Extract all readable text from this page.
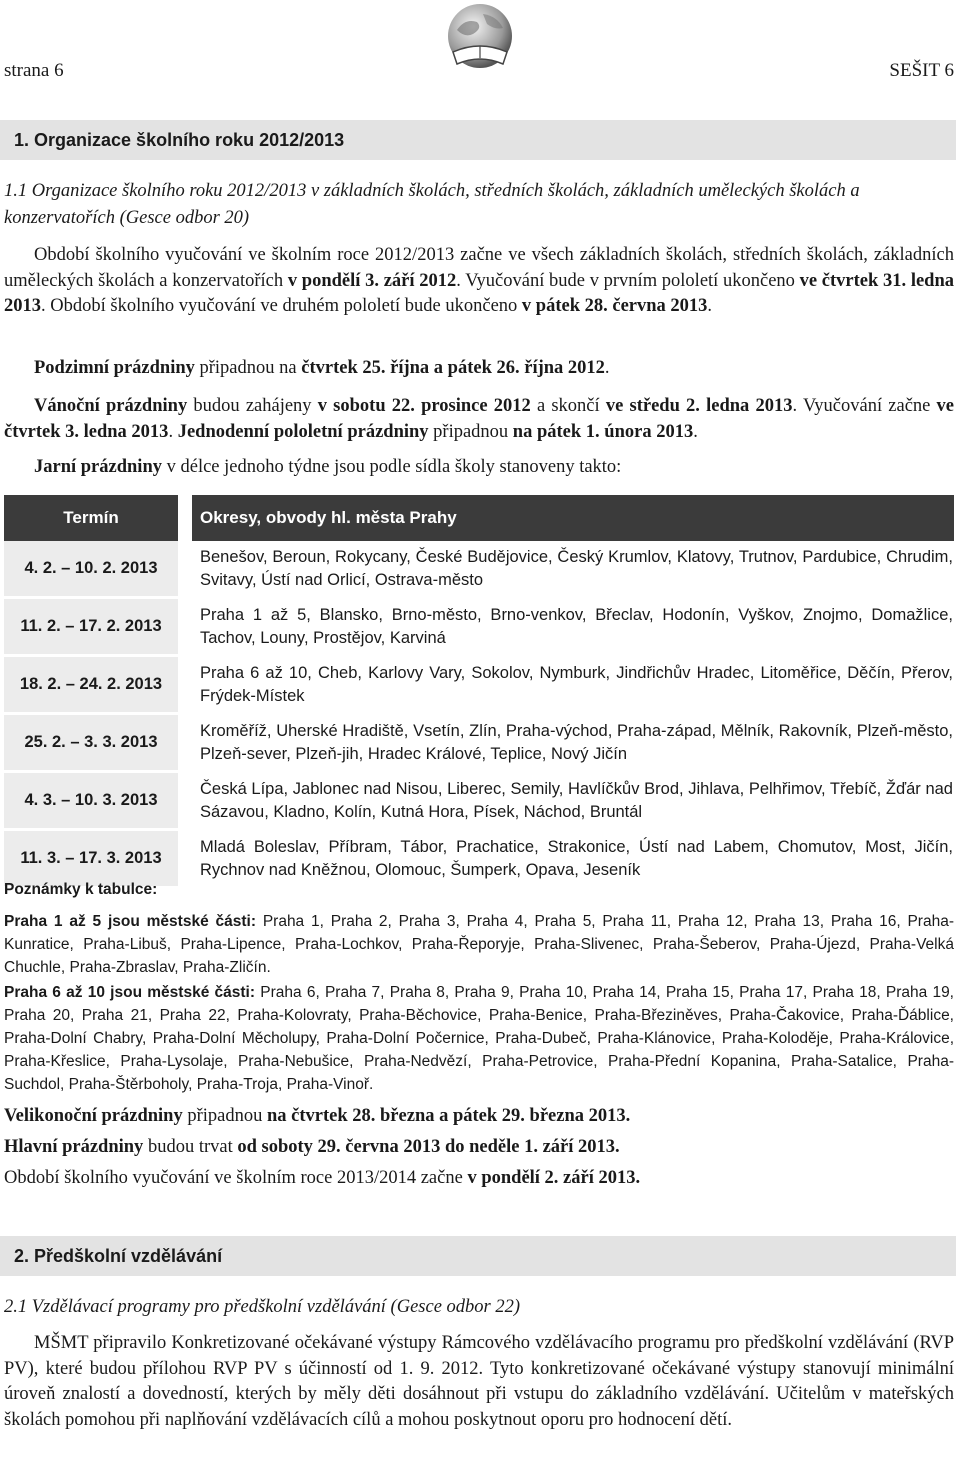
strana 6	SEŠIT 6
1. Organizace školního roku 2012/2013
1.1 Organizace školního roku 2012/2013 v základních školách, středních školách, základních uměleckých školách a konzervatořích (Gesce odbor 20)
Období školního vyučování ve školním roce 2012/2013 začne ve všech základních školách, středních školách, základních uměleckých školách a konzervatořích v pondělí 3. září 2012. Vyučování bude v prvním pololetí ukončeno ve čtvrtek 31. ledna 2013. Období školního vyučování ve druhém pololetí bude ukončeno v pátek 28. června 2013.
Podzimní prázdniny připadnou na čtvrtek 25. října a pátek 26. října 2012.
Vánoční prázdniny budou zahájeny v sobotu 22. prosince 2012 a skončí ve středu 2. ledna 2013. Vyučování začne ve čtvrtek 3. ledna 2013. Jednodenní pololetní prázdniny připadnou na pátek 1. února 2013.
Jarní prázdniny v délce jednoho týdne jsou podle sídla školy stanoveny takto:
Termín		Okresy, obvody hl. města Prahy
4. 2. – 10. 2. 2013		Benešov, Beroun, Rokycany, České Budějovice, Český Krumlov, Klatovy, Trutnov, Pardubice, Chrudim, Svitavy, Ústí nad Orlicí, Ostrava-město
11. 2. – 17. 2. 2013		Praha 1 až 5, Blansko, Brno-město, Brno-venkov, Břeclav, Hodonín, Vyškov, Znojmo, Domažlice, Tachov, Louny, Prostějov, Karviná
18. 2. – 24. 2. 2013		Praha 6 až 10, Cheb, Karlovy Vary, Sokolov, Nymburk, Jindřichův Hradec, Litoměřice, Děčín, Přerov, Frýdek-Místek
25. 2. – 3. 3. 2013		Kroměříž, Uherské Hradiště, Vsetín, Zlín, Praha-východ, Praha-západ, Mělník, Rakovník, Plzeň-město, Plzeň-sever, Plzeň-jih, Hradec Králové, Teplice, Nový Jičín
4. 3. – 10. 3. 2013		Česká Lípa, Jablonec nad Nisou, Liberec, Semily, Havlíčkův Brod, Jihlava, Pelhřimov, Třebíč, Žďár nad Sázavou, Kladno, Kolín, Kutná Hora, Písek, Náchod, Bruntál
11. 3. – 17. 3. 2013		Mladá Boleslav, Příbram, Tábor, Prachatice, Strakonice, Ústí nad Labem, Chomutov, Most, Jičín, Rychnov nad Kněžnou, Olomouc, Šumperk, Opava, Jeseník
Poznámky k tabulce:
Praha 1 až 5 jsou městské části: Praha 1, Praha 2, Praha 3, Praha 4, Praha 5, Praha 11, Praha 12, Praha 13, Praha 16, Praha-Kunratice, Praha-Libuš, Praha-Lipence, Praha-Lochkov, Praha-Řeporyje, Praha-Slivenec, Praha-Šeberov, Praha-Újezd, Praha-Velká Chuchle, Praha-Zbraslav, Praha-Zličín.
Praha 6 až 10 jsou městské části: Praha 6, Praha 7, Praha 8, Praha 9, Praha 10, Praha 14, Praha 15, Praha 17, Praha 18, Praha 19, Praha 20, Praha 21, Praha 22, Praha-Kolovraty, Praha-Běchovice, Praha-Benice, Praha-Březiněves, Praha-Čakovice, Praha-Ďáblice, Praha-Dolní Chabry, Praha-Dolní Měcholupy, Praha-Dolní Počernice, Praha-Dubeč, Praha-Klánovice, Praha-Koloděje, Praha-Královice, Praha-Křeslice, Praha-Lysolaje, Praha-Nebušice, Praha-Nedvězí, Praha-Petrovice, Praha-Přední Kopanina, Praha-Satalice, Praha-Suchdol, Praha-Štěrboholy, Praha-Troja, Praha-Vinoř.
Velikonoční prázdniny připadnou na čtvrtek 28. března a pátek 29. března 2013.
Hlavní prázdniny budou trvat od soboty 29. června 2013 do neděle 1. září 2013.
Období školního vyučování ve školním roce 2013/2014 začne v pondělí 2. září 2013.
2. Předškolní vzdělávání
2.1 Vzdělávací programy pro předškolní vzdělávání (Gesce odbor 22)
MŠMT připravilo Konkretizované očekávané výstupy Rámcového vzdělávacího programu pro předškolní vzdělávání (RVP PV), které budou přílohou RVP PV s účinností od 1. 9. 2012. Tyto konkretizované očekávané výstupy stanovují minimální úroveň znalostí a dovedností, kterých by měly děti dosáhnout při vstupu do základního vzdělávání. Učitelům v mateřských školách pomohou při naplňování vzdělávacích cílů a mohou poskytnout oporu pro hodnocení dětí.
